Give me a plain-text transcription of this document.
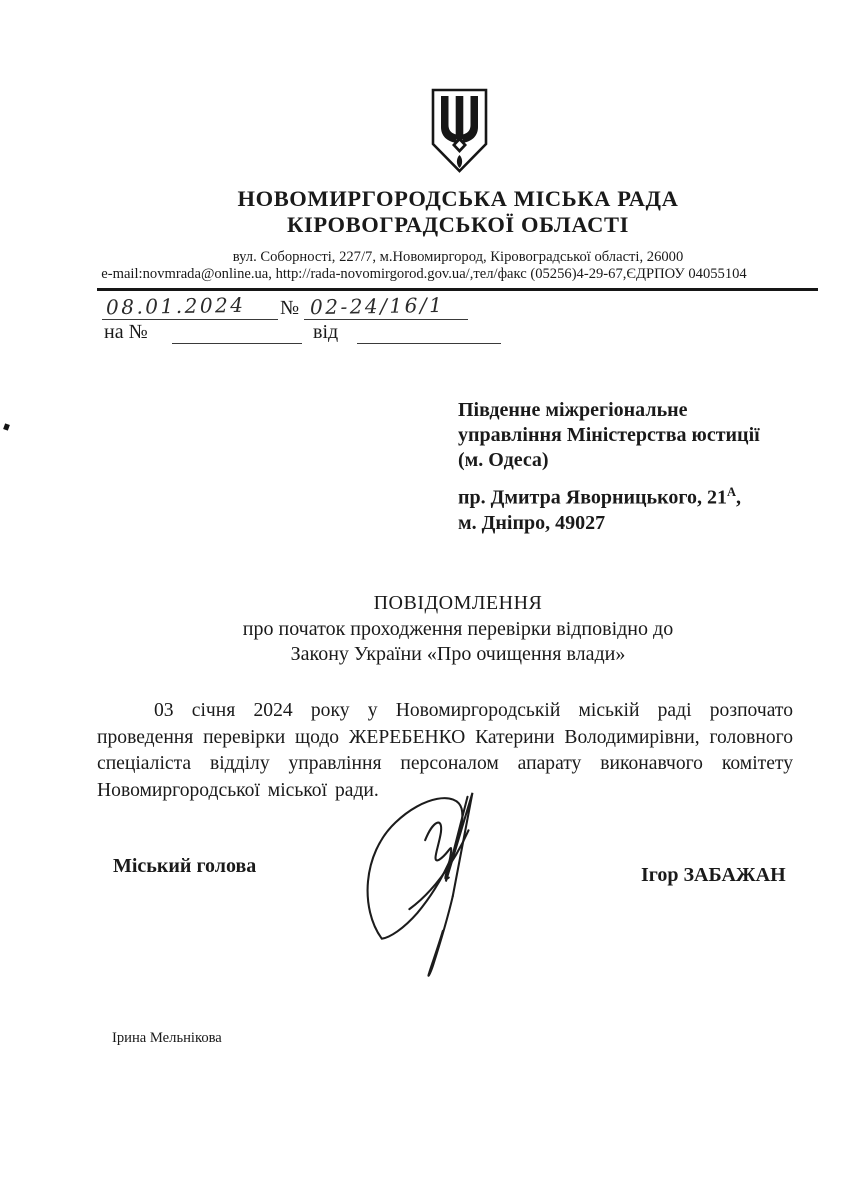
НОВОМИРГОРОДСЬКА МІСЬКА РАДА
КІРОВОГРАДСЬКОЇ ОБЛАСТІ
вул. Соборності, 227/7, м.Новомиргород, Кіровоградської області, 26000
e-mail:novmrada@online.ua, http://rada-novomirgorod.gov.ua/,тел/факс (05256)4-29-67,ЄДРПОУ 04055104
08.01.2024	№ 02-24/16/1
на №	від
Південне міжрегіональне
управління Міністерства юстиції
(м. Одеса)
пр. Дмитра Яворницького, $21^А$,
м. Дніпро, 49027
ПОВІДОМЛЕННЯ
про початок проходження перевірки відповідно до
Закону України «Про очищення влади»
03 січня 2024 року у Новомиргородській міській раді розпочато проведення перевірки щодо ЖЕРЕБЕНКО Катерини Володимирівни, головного спеціаліста відділу управління персоналом апарату виконавчого комітету Новомиргородської міської ради.
Міський голова	Ігор ЗАБАЖАН
Ірина Мельнікова
